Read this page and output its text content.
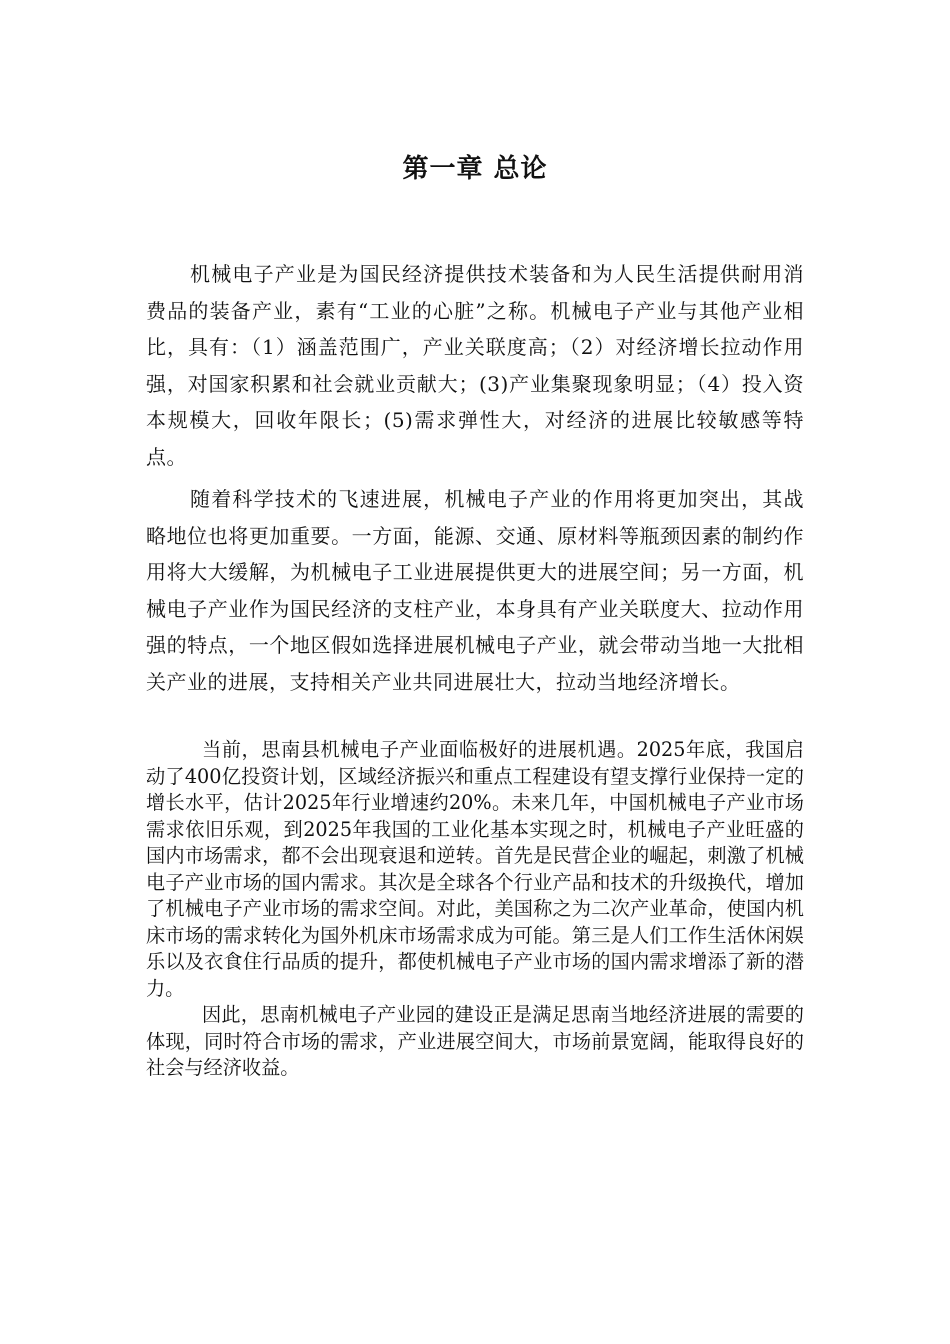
第一章 总论

机械电子产业是为国民经济提供技术装备和为人民生活提供耐用消费品的装备产业，素有“工业的心脏”之称。机械电子产业与其他产业相比，具有：（1）涵盖范围广，产业关联度高；（2）对经济增长拉动作用强，对国家积累和社会就业贡献大；(3)产业集聚现象明显；（4）投入资本规模大，回收年限长；(5)需求弹性大，对经济的进展比较敏感等特点。

随着科学技术的飞速进展，机械电子产业的作用将更加突出，其战略地位也将更加重要。一方面，能源、交通、原材料等瓶颈因素的制约作用将大大缓解，为机械电子工业进展提供更大的进展空间；另一方面，机械电子产业作为国民经济的支柱产业，本身具有产业关联度大、拉动作用强的特点，一个地区假如选择进展机械电子产业，就会带动当地一大批相关产业的进展，支持相关产业共同进展壮大，拉动当地经济增长。

当前，思南县机械电子产业面临极好的进展机遇。2025年底，我国启动了400亿投资计划，区域经济振兴和重点工程建设有望支撑行业保持一定的增长水平，估计2025年行业增速约20%。未来几年，中国机械电子产业市场需求依旧乐观，到2025年我国的工业化基本实现之时，机械电子产业旺盛的国内市场需求，都不会出现衰退和逆转。首先是民营企业的崛起，刺激了机械电子产业市场的国内需求。其次是全球各个行业产品和技术的升级换代，增加了机械电子产业市场的需求空间。对此，美国称之为二次产业革命，使国内机床市场的需求转化为国外机床市场需求成为可能。第三是人们工作生活休闲娱乐以及衣食住行品质的提升，都使机械电子产业市场的国内需求增添了新的潜力。

因此，思南机械电子产业园的建设正是满足思南当地经济进展的需要的体现，同时符合市场的需求，产业进展空间大，市场前景宽阔，能取得良好的社会与经济收益。
